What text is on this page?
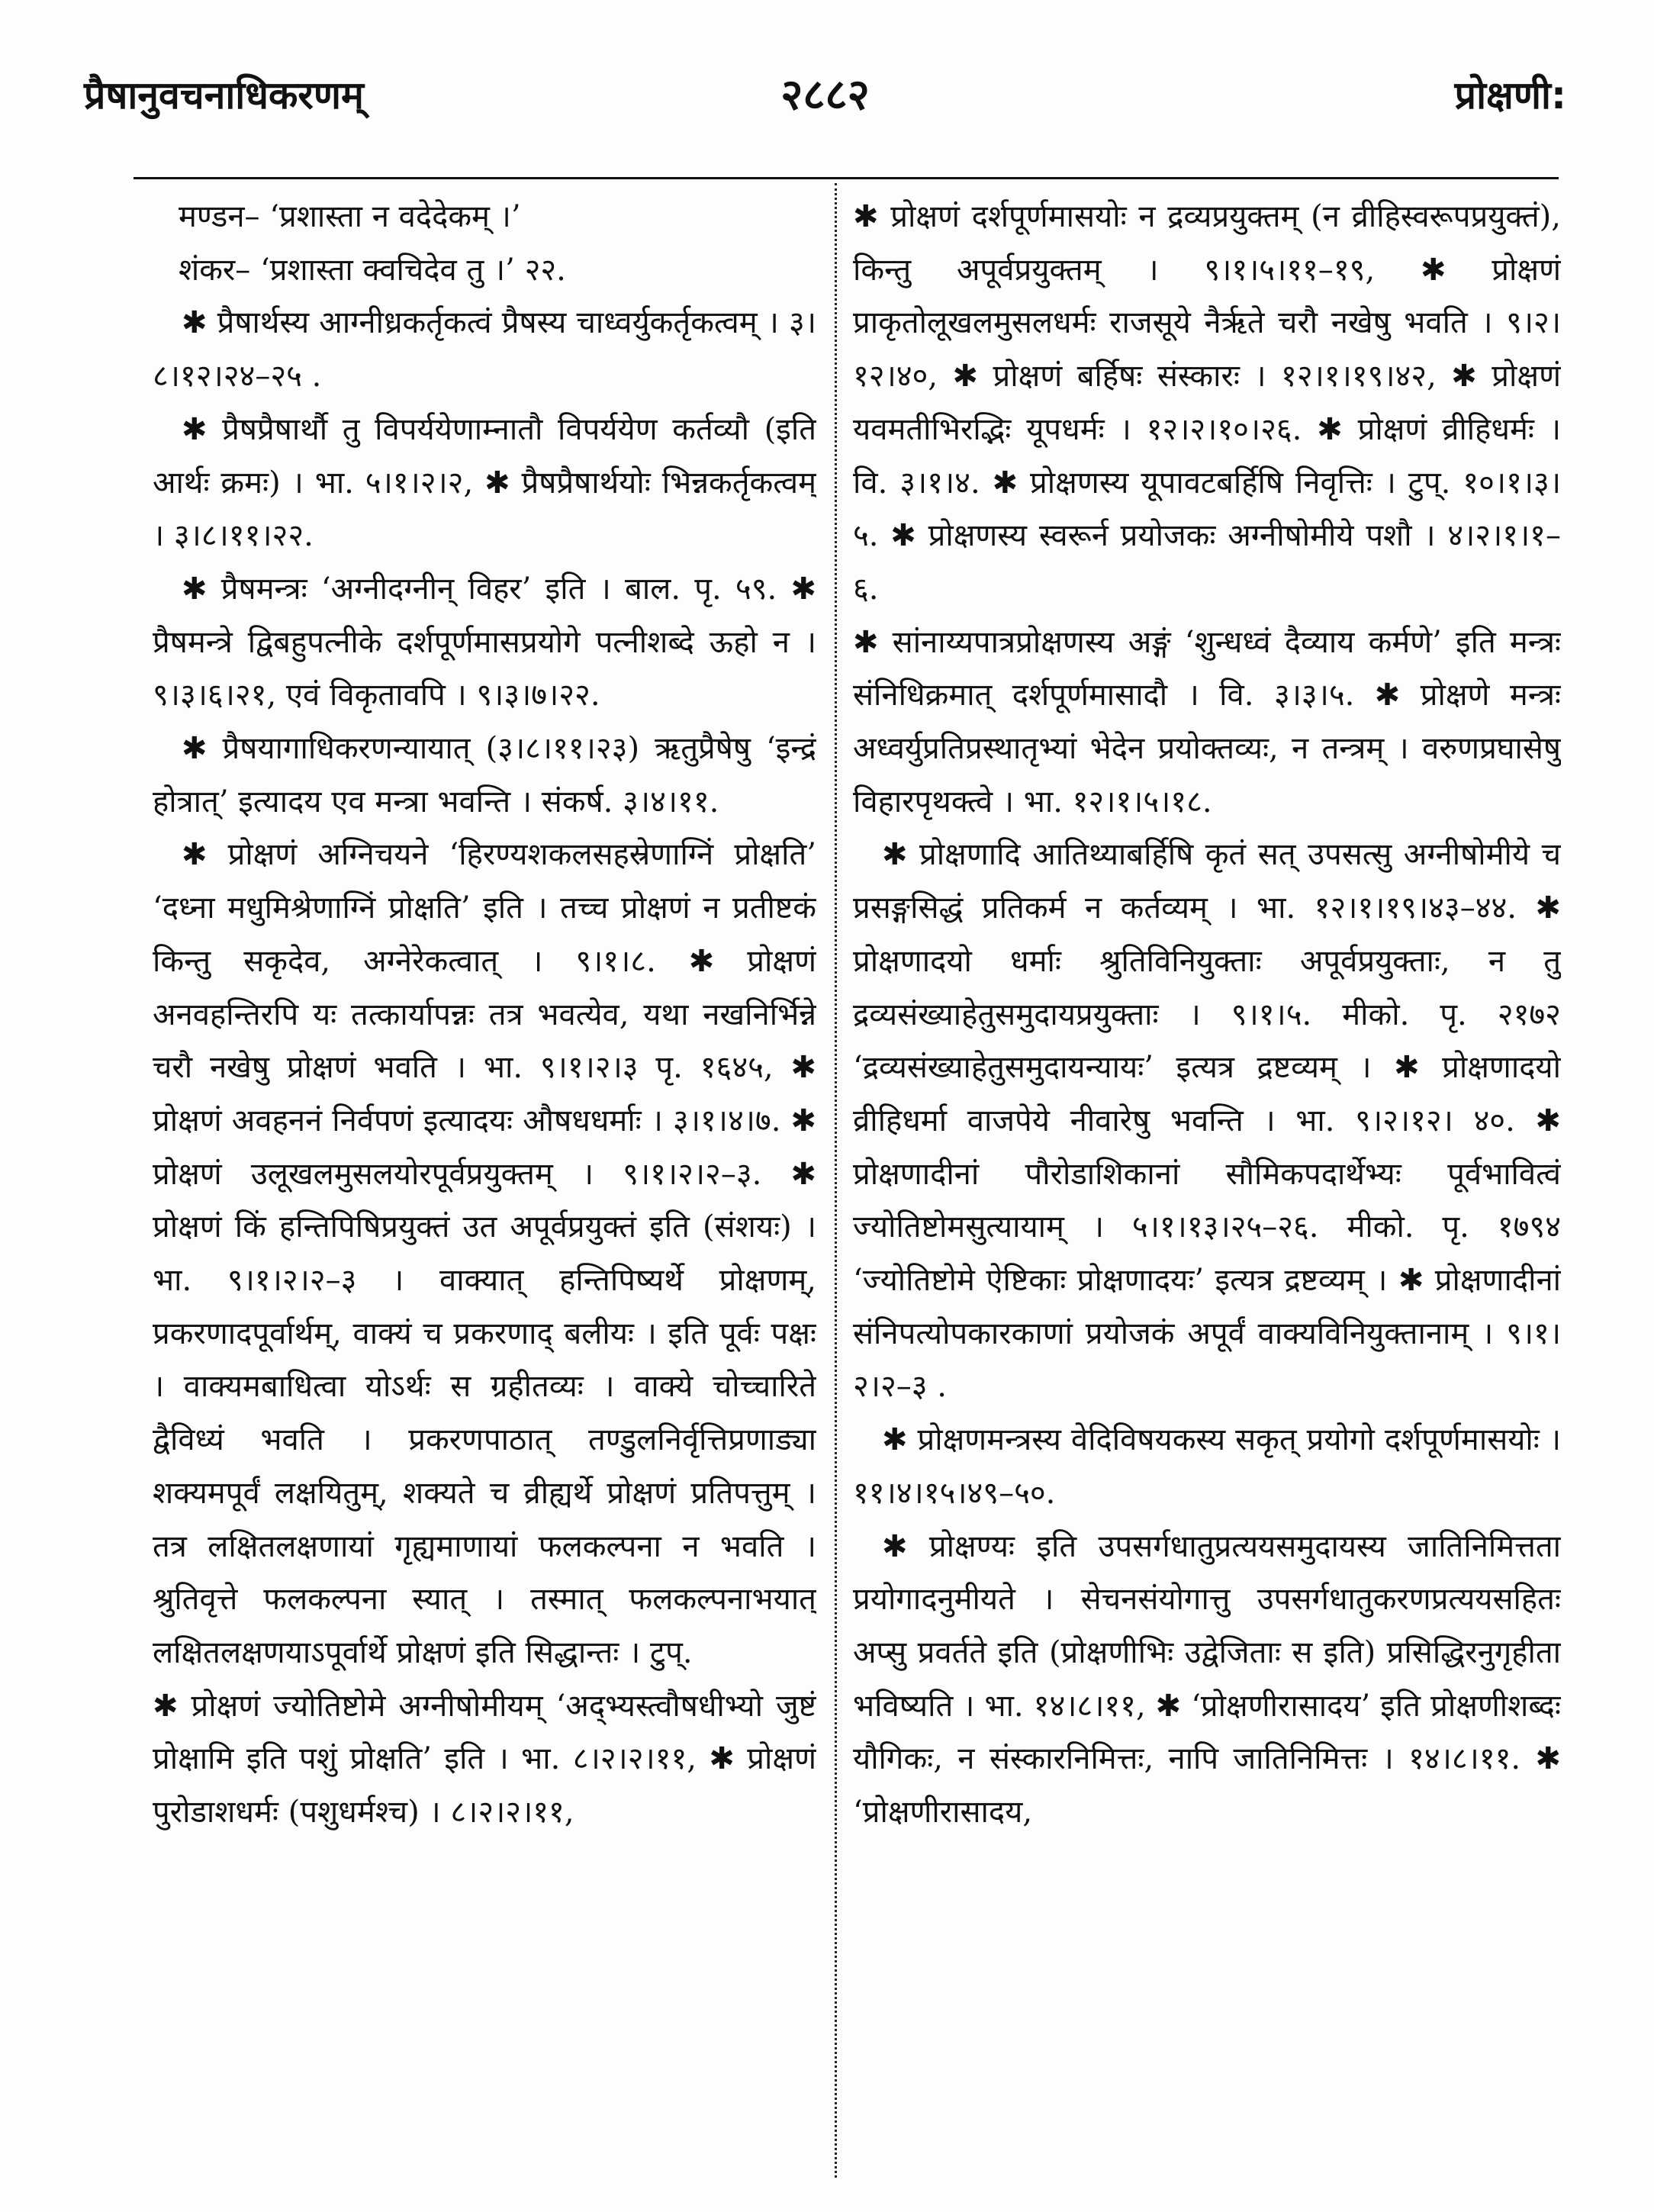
प्रैषानुवचनाधिकरणम्	२८८२	प्रोक्षणी:

मण्डन– ‘प्रशास्ता न वदेदेकम् ।’

शंकर– ‘प्रशास्ता क्वचिदेव तु ।’ २२.

✱ प्रैषार्थस्य आग्नीध्रकर्तृकत्वं प्रैषस्य चाध्वर्युकर्तृकत्वम् । ३।८।१२।२४–२५ .

✱ प्रैषप्रैषार्थौ तु विपर्ययेणाम्नातौ विपर्ययेण कर्तव्यौ (इति आर्थः क्रमः) । भा. ५।१।२।२, ✱ प्रैषप्रैषार्थयोः भिन्नकर्तृकत्वम् । ३।८।११।२२.

✱ प्रैषमन्त्रः ‘अग्नीदग्नीन् विहर’ इति । बाल. पृ. ५९. ✱ प्रैषमन्त्रे द्विबहुपत्नीके दर्शपूर्णमासप्रयोगे पत्नीशब्दे ऊहो न । ९।३।६।२१, एवं विकृतावपि । ९।३।७।२२.

✱ प्रैषयागाधिकरणन्यायात् (३।८।११।२३) ऋतुप्रैषेषु ‘इन्द्रं होत्रात्’ इत्यादय एव मन्त्रा भवन्ति । संकर्ष. ३।४।११.

✱ प्रोक्षणं अग्निचयने ‘हिरण्यशकलसहस्रेणाग्निं प्रोक्षति’ ‘दध्ना मधुमिश्रेणाग्निं प्रोक्षति’ इति । तच्च प्रोक्षणं न प्रतीष्टकं किन्तु सकृदेव, अग्नेरेकत्वात् । ९।१।८. ✱ प्रोक्षणं अनवहन्तिरपि यः तत्कार्यापन्नः तत्र भवत्येव, यथा नखनिर्भिन्ने चरौ नखेषु प्रोक्षणं भवति । भा. ९।१।२।३ पृ. १६४५, ✱ प्रोक्षणं अवहननं निर्वपणं इत्यादयः औषधधर्माः । ३।१।४।७. ✱ प्रोक्षणं उलूखलमुसलयोरपूर्वप्रयुक्तम् । ९।१।२।२–३. ✱ प्रोक्षणं किं हन्तिपिषिप्रयुक्तं उत अपूर्वप्रयुक्तं इति (संशयः) । भा. ९।१।२।२–३ । वाक्यात् हन्तिपिष्यर्थे प्रोक्षणम्, प्रकरणादपूर्वार्थम्, वाक्यं च प्रकरणाद् बलीयः । इति पूर्वः पक्षः । वाक्यमबाधित्वा योऽर्थः स ग्रहीतव्यः । वाक्ये चोच्चारिते द्वैविध्यं भवति । प्रकरणपाठात् तण्डुलनिर्वृत्तिप्रणाड्या शक्यमपूर्वं लक्षयितुम्, शक्यते च व्रीह्यर्थे प्रोक्षणं प्रतिपत्तुम् । तत्र लक्षितलक्षणायां गृह्यमाणायां फलकल्पना न भवति । श्रुतिवृत्ते फलकल्पना स्यात् । तस्मात् फलकल्पनाभयात् लक्षितलक्षणयाऽपूर्वार्थे प्रोक्षणं इति सिद्धान्तः । टुप्.

✱ प्रोक्षणं ज्योतिष्टोमे अग्नीषोमीयम् ‘अद्भ्यस्त्वौषधीभ्यो जुष्टं प्रोक्षामि इति पशुं प्रोक्षति’ इति । भा. ८।२।२।११, ✱ प्रोक्षणं पुरोडाशधर्मः (पशुधर्मश्च) । ८।२।२।११,

✱ प्रोक्षणं दर्शपूर्णमासयोः न द्रव्यप्रयुक्तम् (न व्रीहिस्वरूपप्रयुक्तं), किन्तु अपूर्वप्रयुक्तम् । ९।१।५।११–१९, ✱ प्रोक्षणं प्राकृतोलूखलमुसलधर्मः राजसूये नैर्ऋते चरौ नखेषु भवति । ९।२।१२।४०, ✱ प्रोक्षणं बर्हिषः संस्कारः । १२।१।१९।४२, ✱ प्रोक्षणं यवमतीभिरद्भिः यूपधर्मः । १२।२।१०।२६. ✱ प्रोक्षणं व्रीहिधर्मः । वि. ३।१।४. ✱ प्रोक्षणस्य यूपावटबर्हिषि निवृत्तिः । टुप्. १०।१।३।५. ✱ प्रोक्षणस्य स्वरूर्न प्रयोजकः अग्नीषोमीये पशौ । ४।२।१।१–६.

✱ सांनाय्यपात्रप्रोक्षणस्य अङ्गं ‘शुन्धध्वं दैव्याय कर्मणे’ इति मन्त्रः संनिधिक्रमात् दर्शपूर्णमासादौ । वि. ३।३।५. ✱ प्रोक्षणे मन्त्रः अध्वर्युप्रतिप्रस्थातृभ्यां भेदेन प्रयोक्तव्यः, न तन्त्रम् । वरुणप्रघासेषु विहारपृथक्त्वे । भा. १२।१।५।१८.

✱ प्रोक्षणादि आतिथ्याबर्हिषि कृतं सत् उपसत्सु अग्नीषोमीये च प्रसङ्गसिद्धं प्रतिकर्म न कर्तव्यम् । भा. १२।१।१९।४३–४४. ✱ प्रोक्षणादयो धर्माः श्रुतिविनियुक्ताः अपूर्वप्रयुक्ताः, न तु द्रव्यसंख्याहेतुसमुदायप्रयुक्ताः । ९।१।५. मीको. पृ. २१७२ ‘द्रव्यसंख्याहेतुसमुदायन्यायः’ इत्यत्र द्रष्टव्यम् । ✱ प्रोक्षणादयो व्रीहिधर्मा वाजपेये नीवारेषु भवन्ति । भा. ९।२।१२। ४०. ✱ प्रोक्षणादीनां पौरोडाशिकानां सौमिकपदार्थेभ्यः पूर्वभावित्वं ज्योतिष्टोमसुत्यायाम् । ५।१।१३।२५–२६. मीको. पृ. १७९४ ‘ज्योतिष्टोमे ऐष्टिकाः प्रोक्षणादयः’ इत्यत्र द्रष्टव्यम् । ✱ प्रोक्षणादीनां संनिपत्योपकारकाणां प्रयोजकं अपूर्वं वाक्यविनियुक्तानाम् । ९।१।२।२–३ .

✱ प्रोक्षणमन्त्रस्य वेदिविषयकस्य सकृत् प्रयोगो दर्शपूर्णमासयोः । ११।४।१५।४९–५०.

✱ प्रोक्षण्यः इति उपसर्गधातुप्रत्ययसमुदायस्य जातिनिमित्तता प्रयोगादनुमीयते । सेचनसंयोगात्तु उपसर्गधातुकरणप्रत्ययसहितः अप्सु प्रवर्तते इति (प्रोक्षणीभिः उद्वेजिताः स इति) प्रसिद्धिरनुगृहीता भविष्यति । भा. १४।८।११, ✱ ‘प्रोक्षणीरासादय’ इति प्रोक्षणीशब्दः यौगिकः, न संस्कारनिमित्तः, नापि जातिनिमित्तः । १४।८।११. ✱ ‘प्रोक्षणीरासादय,
